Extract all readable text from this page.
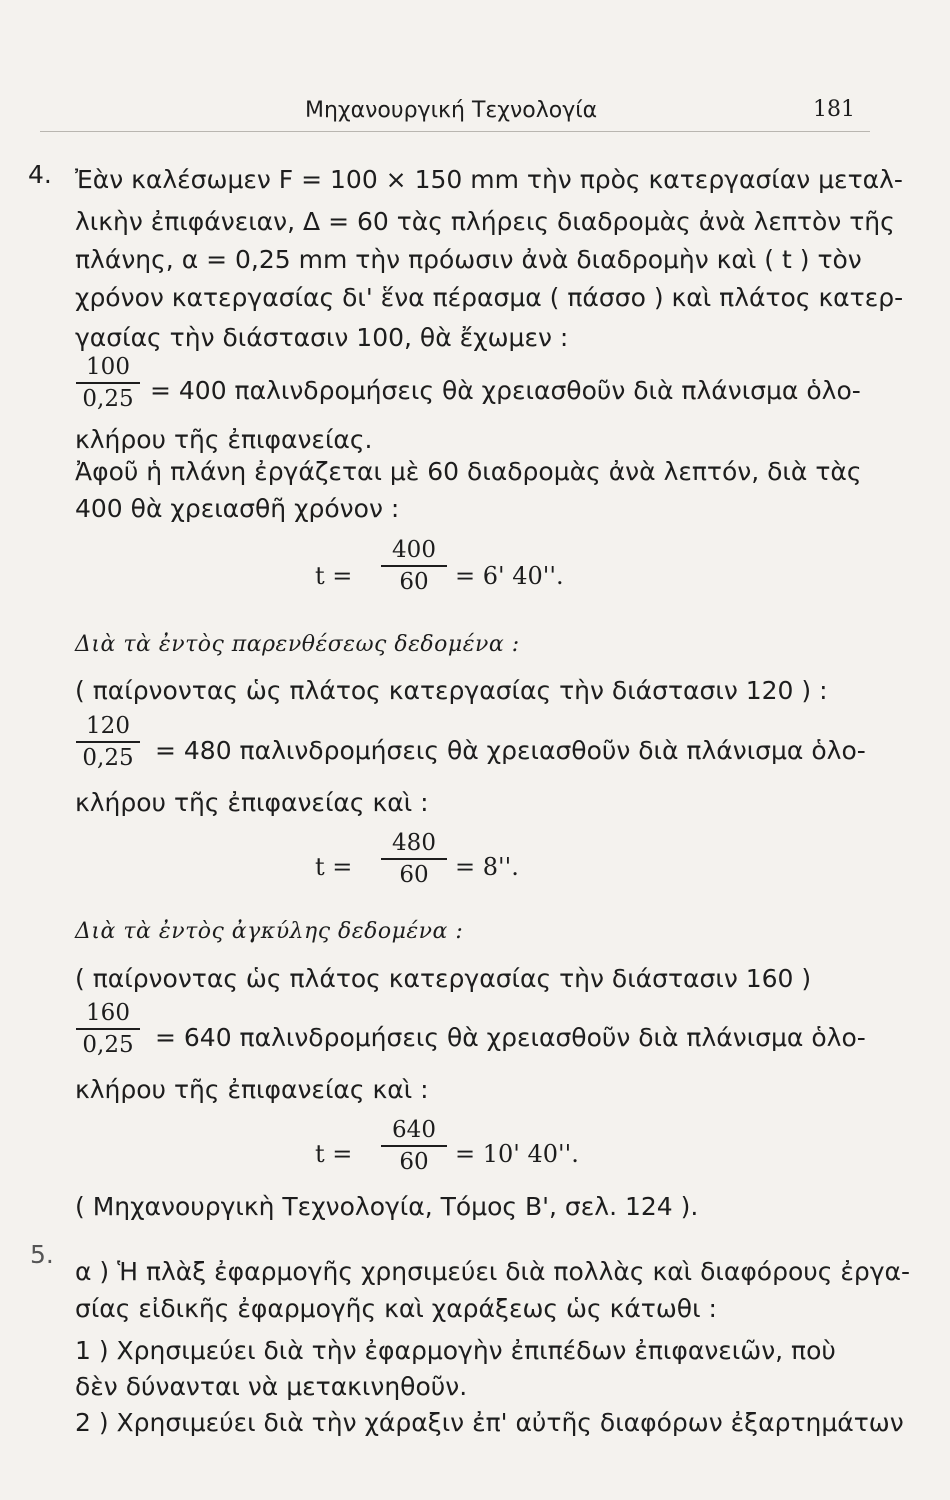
Μηχανουργική Τεχνολογία	181
4. Ἐὰν καλέσωμεν F = 100 × 150 mm τὴν πρὸς κατεργασίαν μεταλ-
λικὴν ἐπιφάνειαν, Δ = 60 τὰς πλήρεις διαδρομὰς ἀνὰ λεπτὸν τῆς
πλάνης, α = 0,25 mm τὴν πρόωσιν ἀνὰ διαδρομὴν καὶ ( t ) τὸν
χρόνον κατεργασίας δι' ἕνα πέρασμα ( πάσσο ) καὶ πλάτος κατερ-
γασίας τὴν διάστασιν 100, θὰ ἔχωμεν :
100
0,25 = 400 παλινδρομήσεις θὰ χρειασθοῦν διὰ πλάνισμα ὁλο-
κλήρου τῆς ἐπιφανείας.
Ἀφοῦ ἡ πλάνη ἐργάζεται μὲ 60 διαδρομὰς ἀνὰ λεπτόν, διὰ τὰς
400 θὰ χρειασθῆ χρόνον :
t =
400
60	= 6' 40''.
Διὰ τὰ ἐντὸς παρενθέσεως δεδομένα :
( παίρνοντας ὡς πλάτος κατεργασίας τὴν διάστασιν 120 ) :
120
0,25 = 480 παλινδρομήσεις θὰ χρειασθοῦν διὰ πλάνισμα ὁλο-
κλήρου τῆς ἐπιφανείας καὶ :
t =
480
60	= 8''.
Διὰ τὰ ἐντὸς ἀγκύλης δεδομένα :
( παίρνοντας ὡς πλάτος κατεργασίας τὴν διάστασιν 160 )
160
0,25 = 640 παλινδρομήσεις θὰ χρειασθοῦν διὰ πλάνισμα ὁλο-
κλήρου τῆς ἐπιφανείας καὶ :
t =
640
60	= 10' 40''.
( Μηχανουργικὴ Τεχνολογία, Τόμος Β', σελ. 124 ).
5.
α ) Ἡ πλὰξ ἐφαρμογῆς χρησιμεύει διὰ πολλὰς καὶ διαφόρους ἐργα-
σίας εἰδικῆς ἐφαρμογῆς καὶ χαράξεως ὡς κάτωθι :
1 ) Χρησιμεύει διὰ τὴν ἐφαρμογὴν ἐπιπέδων ἐπιφανειῶν, ποὺ
δὲν δύνανται νὰ μετακινηθοῦν.
2 ) Χρησιμεύει διὰ τὴν χάραξιν ἐπ' αὐτῆς διαφόρων ἐξαρτημάτων
